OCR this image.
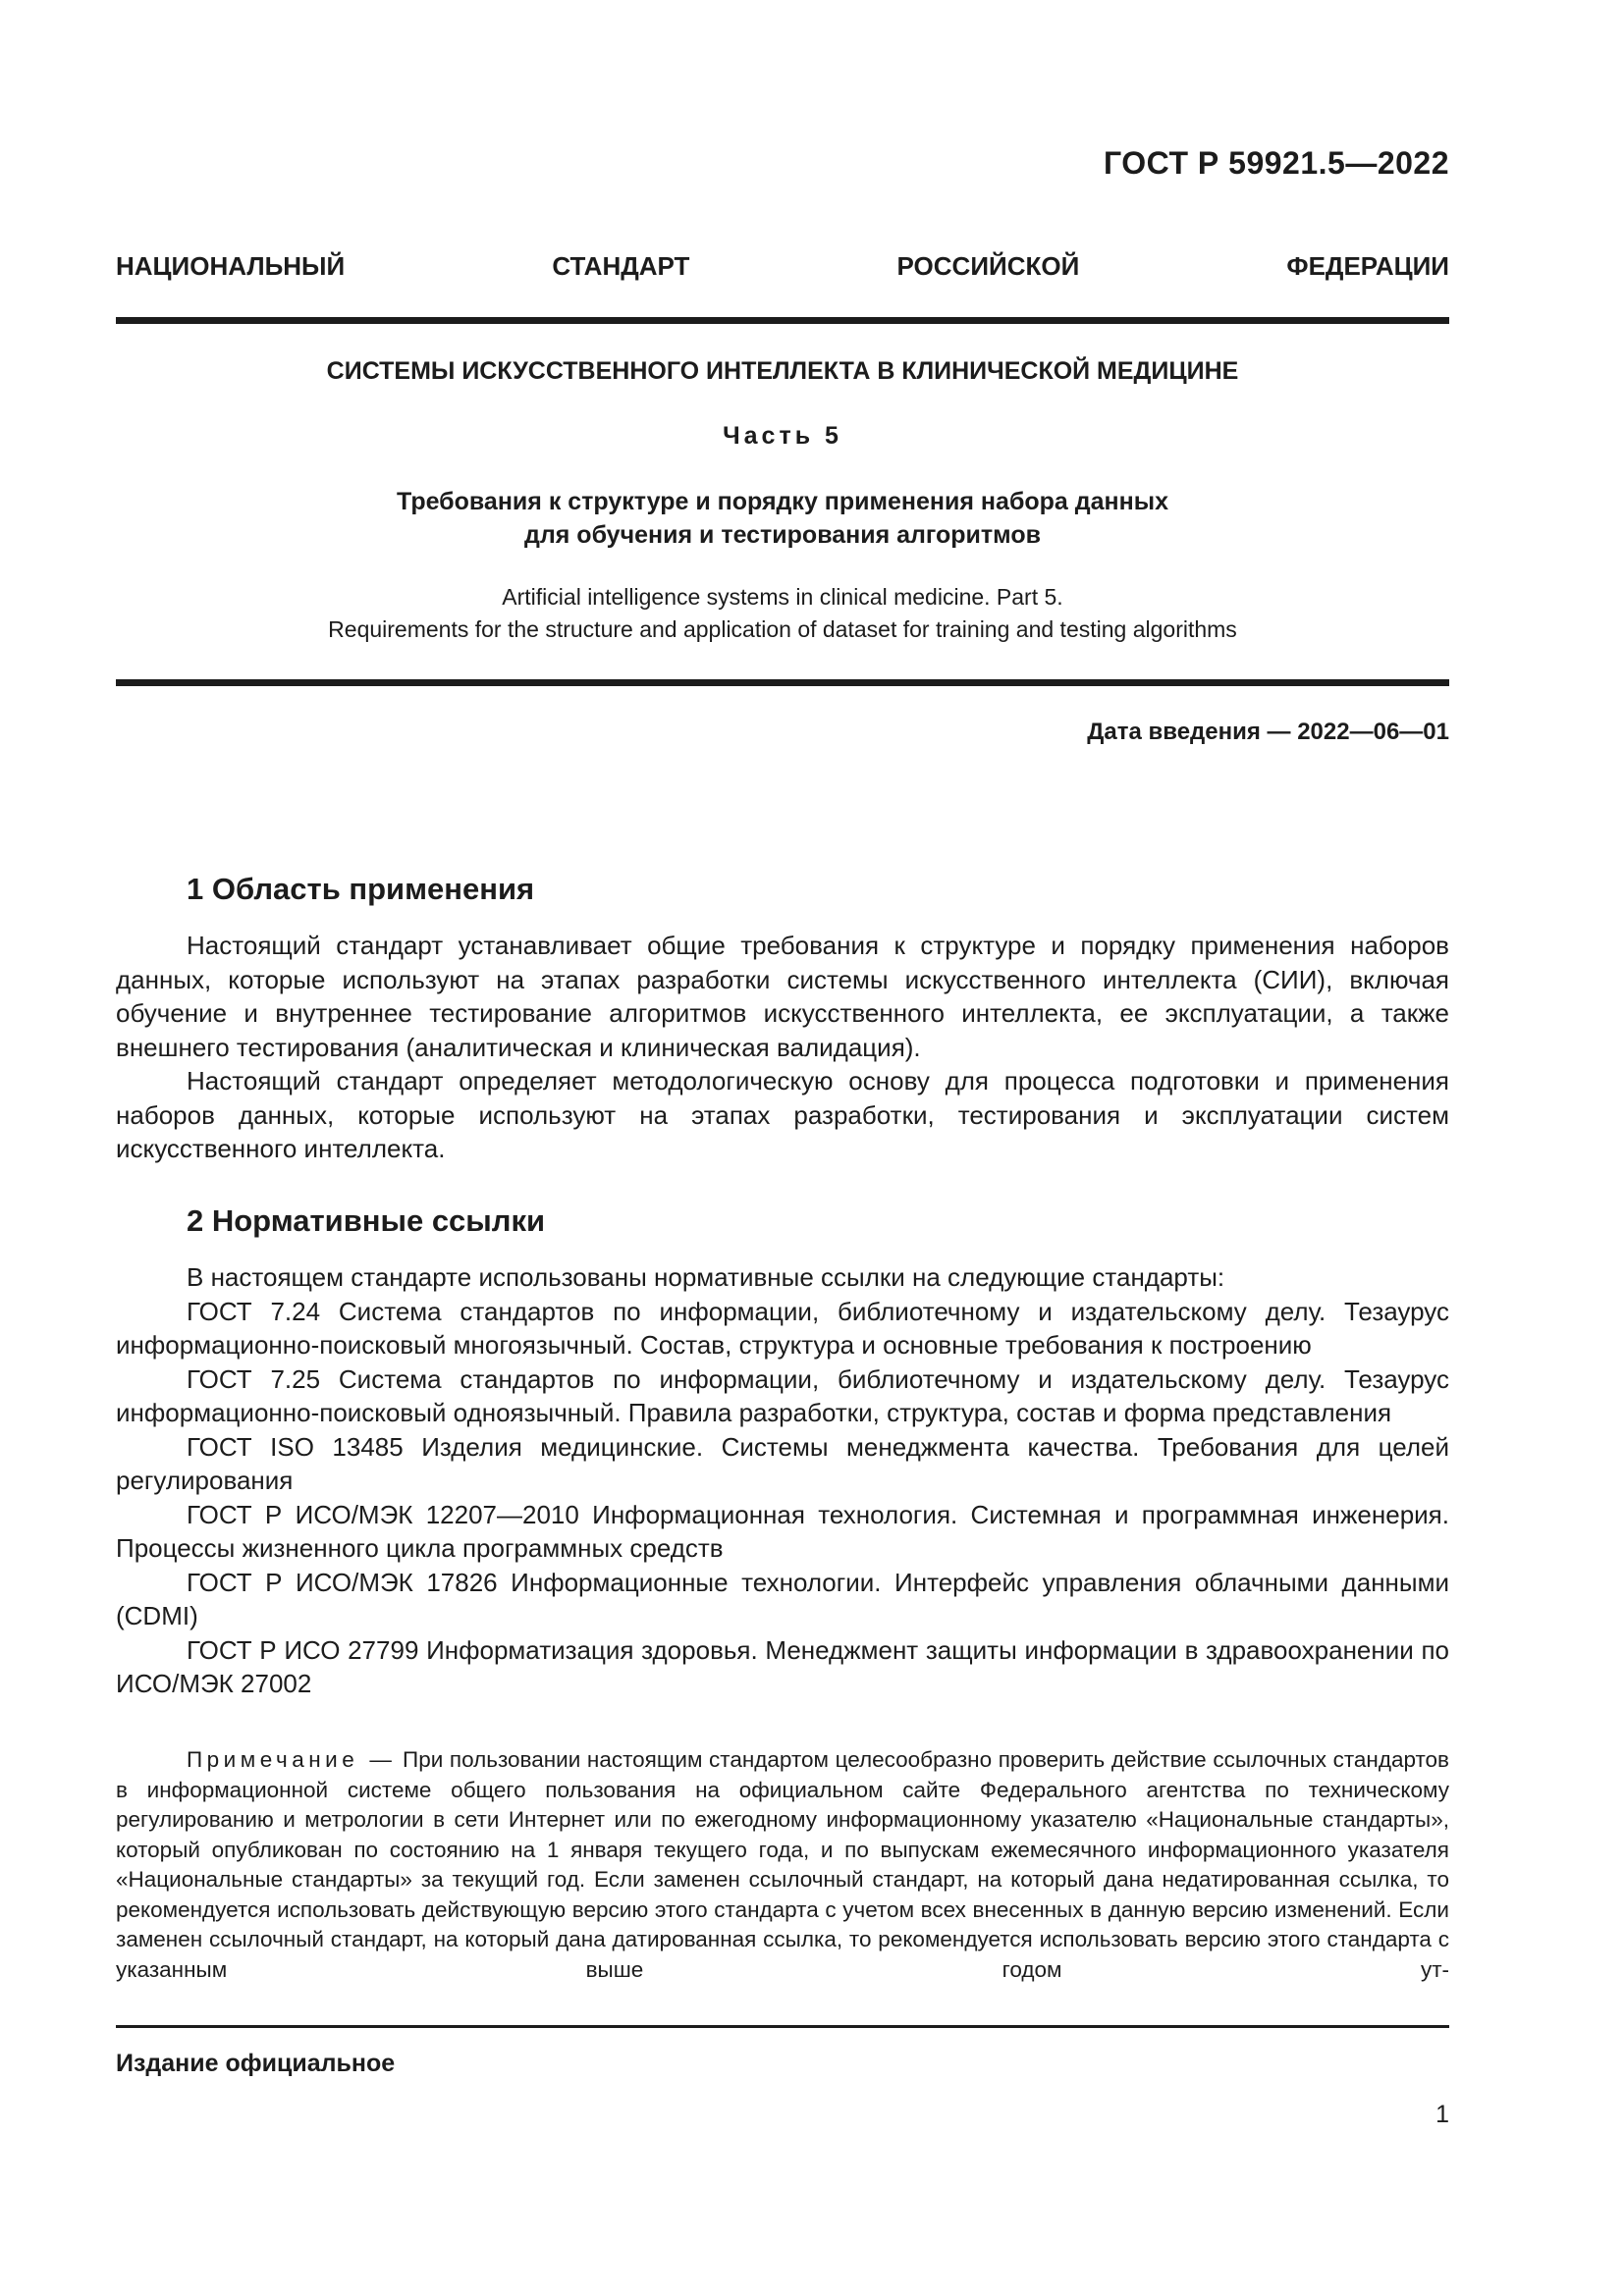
ГОСТ Р 59921.5—2022
НАЦИОНАЛЬНЫЙ	СТАНДАРТ	РОССИЙСКОЙ	ФЕДЕРАЦИИ
СИСТЕМЫ ИСКУССТВЕННОГО ИНТЕЛЛЕКТА В КЛИНИЧЕСКОЙ МЕДИЦИНЕ
Часть 5
Требования к структуре и порядку применения набора данных
для обучения и тестирования алгоритмов
Artificial intelligence systems in clinical medicine. Part 5.
Requirements for the structure and application of dataset for training and testing algorithms
Дата введения — 2022—06—01
1 Область применения

Настоящий стандарт устанавливает общие требования к структуре и порядку применения наборов данных, которые используют на этапах разработки системы искусственного интеллекта (СИИ), включая обучение и внутреннее тестирование алгоритмов искусственного интеллекта, ее эксплуатации, а также внешнего тестирования (аналитическая и клиническая валидация).

Настоящий стандарт определяет методологическую основу для процесса подготовки и применения наборов данных, которые используют на этапах разработки, тестирования и эксплуатации систем искусственного интеллекта.

2 Нормативные ссылки

В настоящем стандарте использованы нормативные ссылки на следующие стандарты:

ГОСТ 7.24 Система стандартов по информации, библиотечному и издательскому делу. Тезаурус информационно-поисковый многоязычный. Состав, структура и основные требования к построению

ГОСТ 7.25 Система стандартов по информации, библиотечному и издательскому делу. Тезаурус информационно-поисковый одноязычный. Правила разработки, структура, состав и форма представления

ГОСТ ISO 13485 Изделия медицинские. Системы менеджмента качества. Требования для целей регулирования

ГОСТ Р ИСО/МЭК 12207—2010 Информационная технология. Системная и программная инженерия. Процессы жизненного цикла программных средств

ГОСТ Р ИСО/МЭК 17826 Информационные технологии. Интерфейс управления облачными данными (CDMI)

ГОСТ Р ИСО 27799 Информатизация здоровья. Менеджмент защиты информации в здравоохранении по ИСО/МЭК 27002

Примечание — При пользовании настоящим стандартом целесообразно проверить действие ссылочных стандартов в информационной системе общего пользования на официальном сайте Федерального агентства по техническому регулированию и метрологии в сети Интернет или по ежегодному информационному указателю «Национальные стандарты», который опубликован по состоянию на 1 января текущего года, и по выпускам ежемесячного информационного указателя «Национальные стандарты» за текущий год. Если заменен ссылочный стандарт, на который дана недатированная ссылка, то рекомендуется использовать действующую версию этого стандарта с учетом всех внесенных в данную версию изменений. Если заменен ссылочный стандарт, на который дана датированная ссылка, то рекомендуется использовать версию этого стандарта с указанным выше годом ут-

Издание официальное
1
